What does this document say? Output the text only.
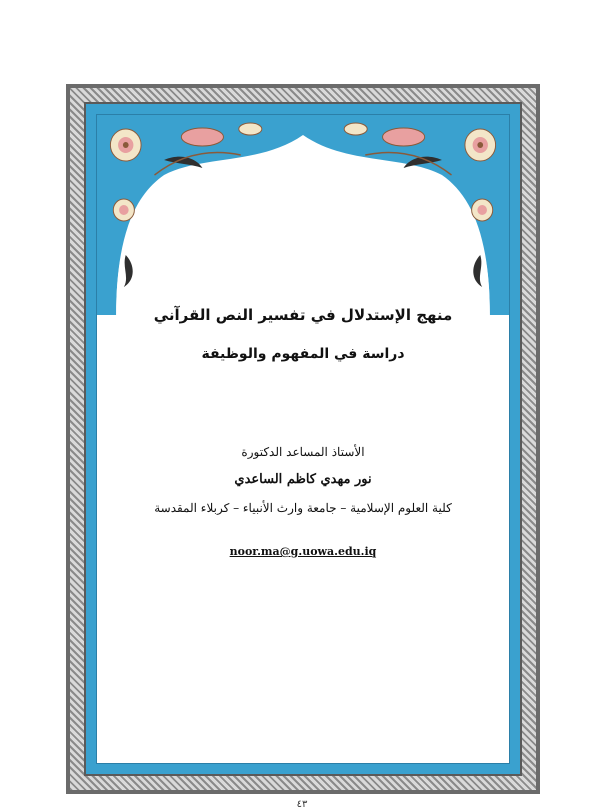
منهج الإستدلال في تفسير النص القرآني
دراسة في المفهوم والوظيفة
الأستاذ المساعد الدكتورة
نور مهدي كاظم الساعدي
كلية العلوم الإسلامية – جامعة وارث الأنبياء – كربلاء المقدسة
noor.ma@g.uowa.edu.iq
٤٣
